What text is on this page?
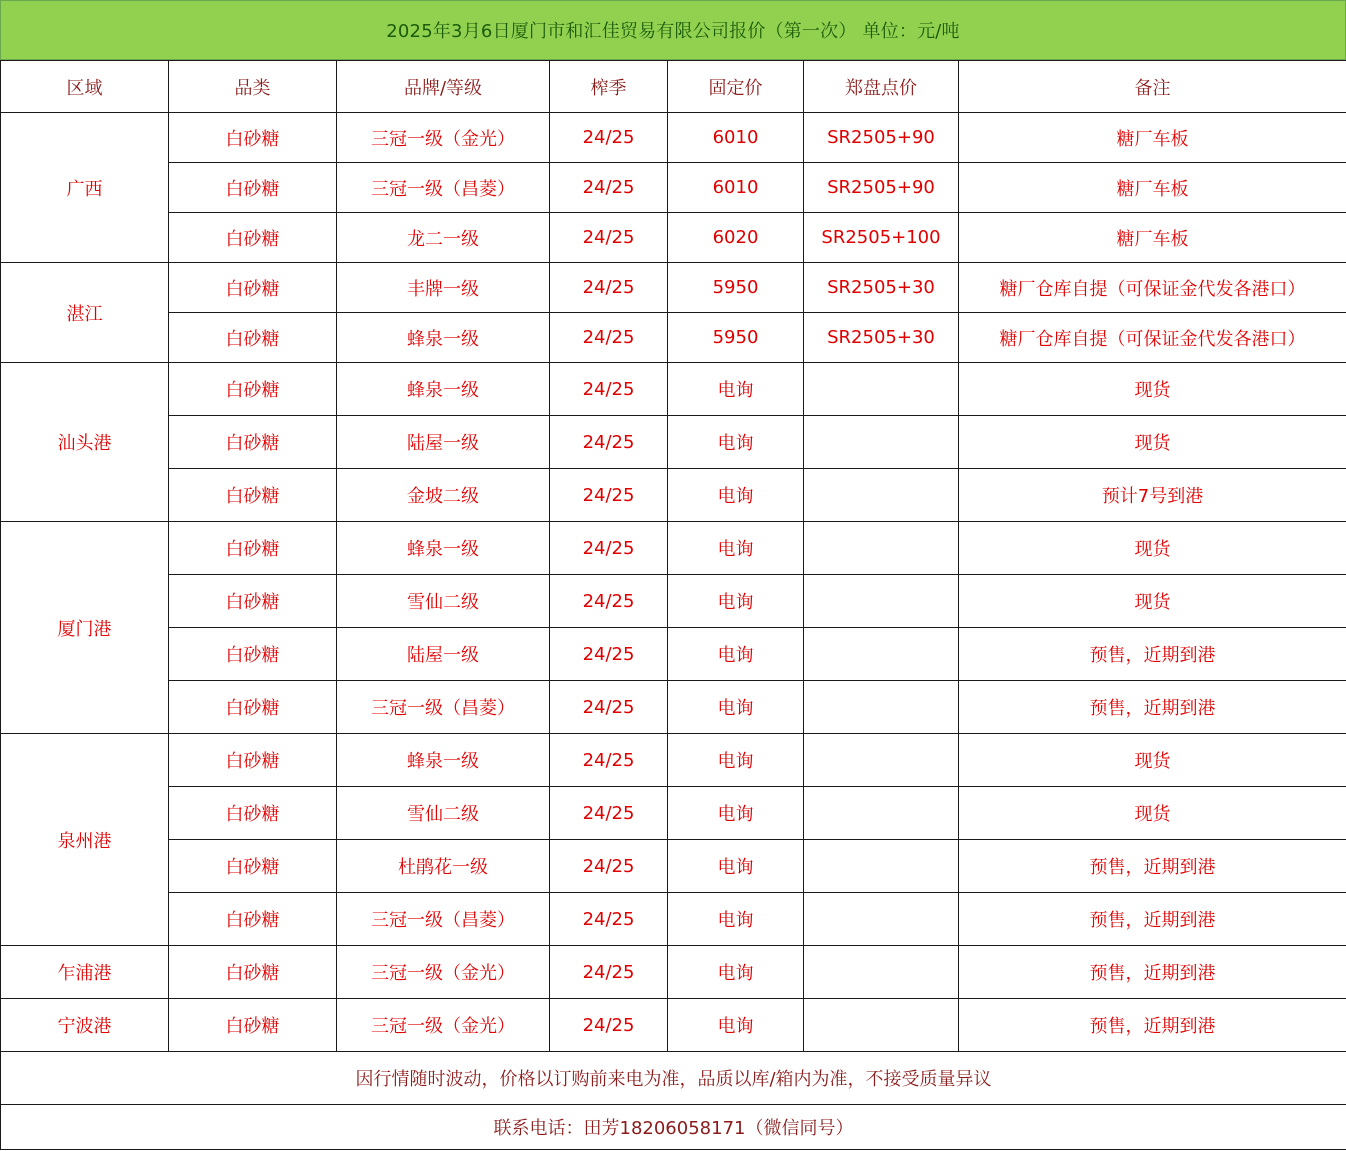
2025年3月6日厦门市和汇佳贸易有限公司报价（第一次） 单位：元/吨
区域	品类	品牌/等级	榨季	固定价	郑盘点价	备注
广西	白砂糖	三冠一级（金光）	24/25	6010	SR2505+90	糖厂车板
	白砂糖	三冠一级（昌菱）	24/25	6010	SR2505+90	糖厂车板
	白砂糖	龙二一级	24/25	6020	SR2505+100	糖厂车板
湛江	白砂糖	丰牌一级	24/25	5950	SR2505+30	糖厂仓库自提（可保证金代发各港口）
	白砂糖	蜂泉一级	24/25	5950	SR2505+30	糖厂仓库自提（可保证金代发各港口）
汕头港	白砂糖	蜂泉一级	24/25	电询		现货
	白砂糖	陆屋一级	24/25	电询		现货
	白砂糖	金坡二级	24/25	电询		预计7号到港
厦门港	白砂糖	蜂泉一级	24/25	电询		现货
	白砂糖	雪仙二级	24/25	电询		现货
	白砂糖	陆屋一级	24/25	电询		预售，近期到港
	白砂糖	三冠一级（昌菱）	24/25	电询		预售，近期到港
泉州港	白砂糖	蜂泉一级	24/25	电询		现货
	白砂糖	雪仙二级	24/25	电询		现货
	白砂糖	杜鹃花一级	24/25	电询		预售，近期到港
	白砂糖	三冠一级（昌菱）	24/25	电询		预售，近期到港
乍浦港	白砂糖	三冠一级（金光）	24/25	电询		预售，近期到港
宁波港	白砂糖	三冠一级（金光）	24/25	电询		预售，近期到港
因行情随时波动，价格以订购前来电为准，品质以库/箱内为准，不接受质量异议						
联系电话：田芳18206058171（微信同号）						
